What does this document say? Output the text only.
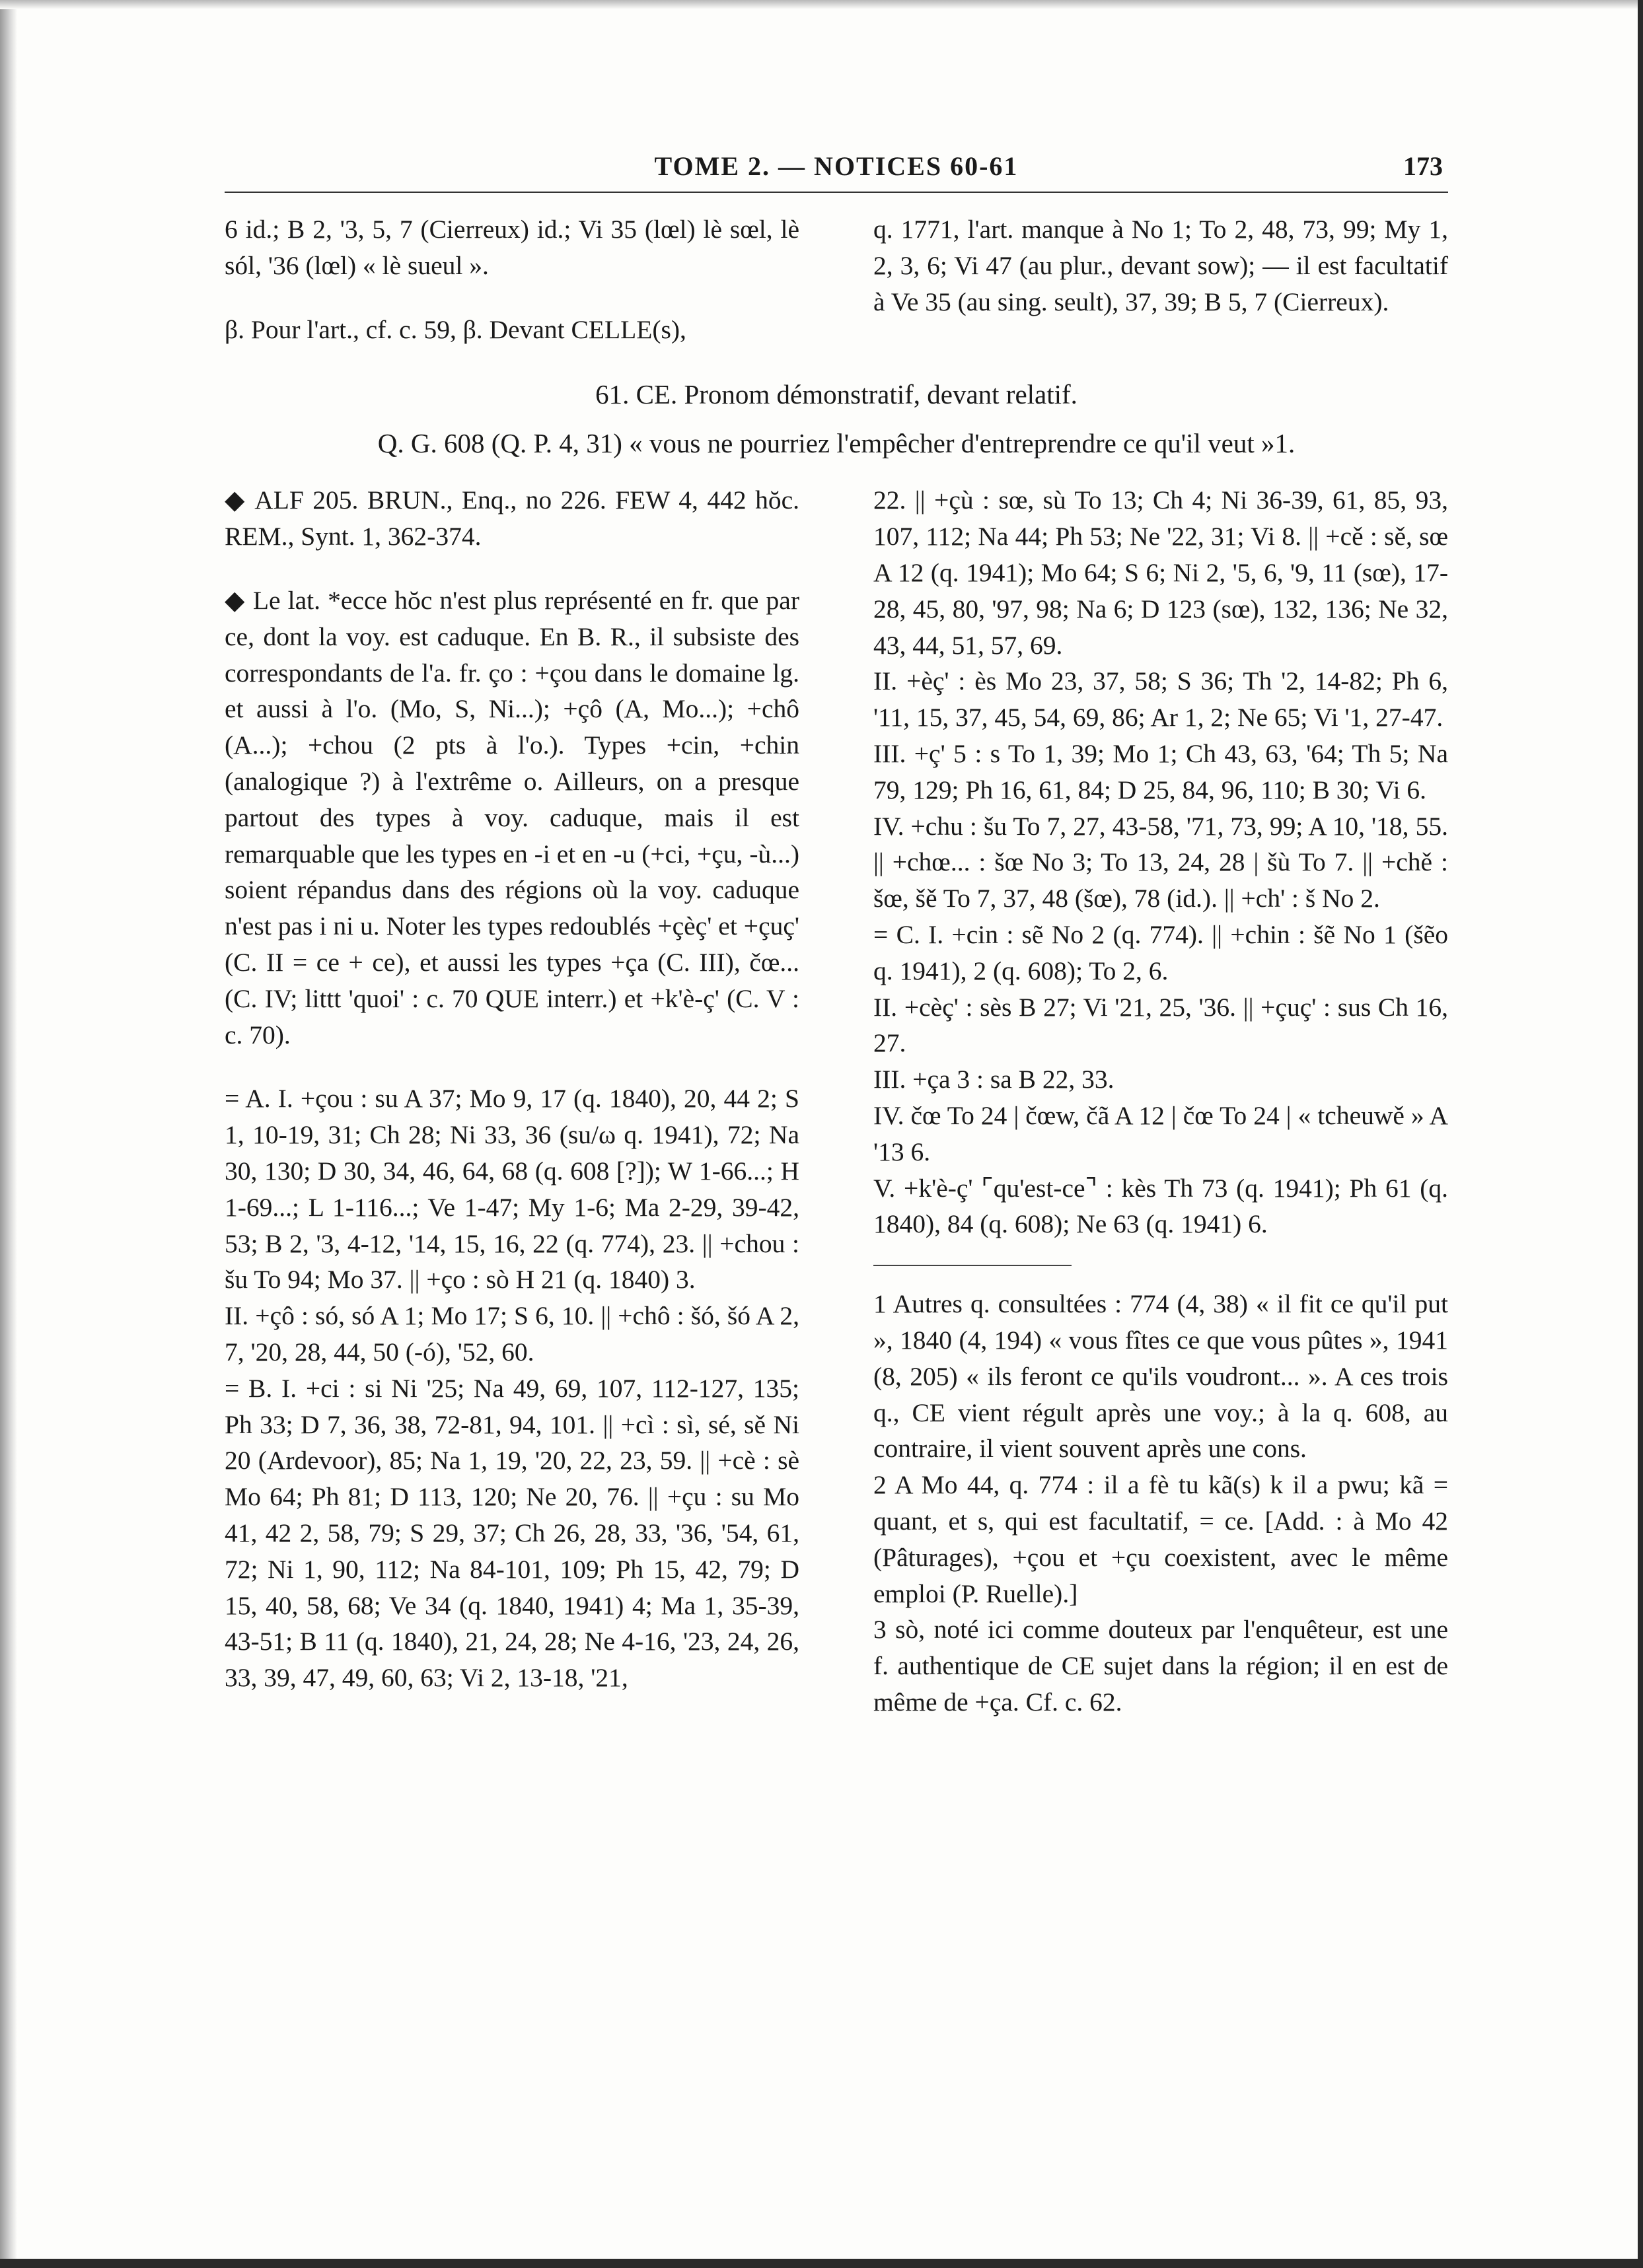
TOME 2. — NOTICES 60-61	173

6 id.; B 2, '3, 5, 7 (Cierreux) id.; Vi 35 (lœl) lè sœl, lè sól, '36 (lœl) « lè sueul ».

β. Pour l'art., cf. c. 59, β. Devant CELLE(s),

q. 1771, l'art. manque à No 1; To 2, 48, 73, 99; My 1, 2, 3, 6; Vi 47 (au plur., devant sow); — il est facultatif à Ve 35 (au sing. seult), 37, 39; B 5, 7 (Cierreux).

61. CE. Pronom démonstratif, devant relatif.

Q. G. 608 (Q. P. 4, 31) « vous ne pourriez l'empêcher d'entreprendre ce qu'il veut »1.

◆ ALF 205. BRUN., Enq., no 226. FEW 4, 442 hŏc. REM., Synt. 1, 362-374.

◆ Le lat. *ecce hŏc n'est plus représenté en fr. que par ce, dont la voy. est caduque. En B. R., il subsiste des correspondants de l'a. fr. ço : +çou dans le domaine lg. et aussi à l'o. (Mo, S, Ni...); +çô (A, Mo...); +chô (A...); +chou (2 pts à l'o.). Types +cin, +chin (analogique ?) à l'extrême o. Ailleurs, on a presque partout des types à voy. caduque, mais il est remarquable que les types en -i et en -u (+ci, +çu, -ù...) soient répandus dans des régions où la voy. caduque n'est pas i ni u. Noter les types redoublés +çèç' et +çuç' (C. II = ce + ce), et aussi les types +ça (C. III), čœ... (C. IV; littt 'quoi' : c. 70 QUE interr.) et +k'è-ç' (C. V : c. 70).

= A. I. +çou : su A 37; Mo 9, 17 (q. 1840), 20, 44 2; S 1, 10-19, 31; Ch 28; Ni 33, 36 (su/ω q. 1941), 72; Na 30, 130; D 30, 34, 46, 64, 68 (q. 608 [?]); W 1-66...; H 1-69...; L 1-116...; Ve 1-47; My 1-6; Ma 2-29, 39-42, 53; B 2, '3, 4-12, '14, 15, 16, 22 (q. 774), 23. || +chou : šu To 94; Mo 37. || +ço : sò H 21 (q. 1840) 3.

II. +çô : só, só A 1; Mo 17; S 6, 10. || +chô : šó, šó A 2, 7, '20, 28, 44, 50 (-ó), '52, 60.

= B. I. +ci : si Ni '25; Na 49, 69, 107, 112-127, 135; Ph 33; D 7, 36, 38, 72-81, 94, 101. || +cì : sì, sé, sě Ni 20 (Ardevoor), 85; Na 1, 19, '20, 22, 23, 59. || +cè : sè Mo 64; Ph 81; D 113, 120; Ne 20, 76. || +çu : su Mo 41, 42 2, 58, 79; S 29, 37; Ch 26, 28, 33, '36, '54, 61, 72; Ni 1, 90, 112; Na 84-101, 109; Ph 15, 42, 79; D 15, 40, 58, 68; Ve 34 (q. 1840, 1941) 4; Ma 1, 35-39, 43-51; B 11 (q. 1840), 21, 24, 28; Ne 4-16, '23, 24, 26, 33, 39, 47, 49, 60, 63; Vi 2, 13-18, '21,

22. || +çù : sœ, sù To 13; Ch 4; Ni 36-39, 61, 85, 93, 107, 112; Na 44; Ph 53; Ne '22, 31; Vi 8. || +cě : sě, sœ A 12 (q. 1941); Mo 64; S 6; Ni 2, '5, 6, '9, 11 (sœ), 17-28, 45, 80, '97, 98; Na 6; D 123 (sœ), 132, 136; Ne 32, 43, 44, 51, 57, 69.

II. +èç' : ès Mo 23, 37, 58; S 36; Th '2, 14-82; Ph 6, '11, 15, 37, 45, 54, 69, 86; Ar 1, 2; Ne 65; Vi '1, 27-47.

III. +ç' 5 : s To 1, 39; Mo 1; Ch 43, 63, '64; Th 5; Na 79, 129; Ph 16, 61, 84; D 25, 84, 96, 110; B 30; Vi 6.

IV. +chu : šu To 7, 27, 43-58, '71, 73, 99; A 10, '18, 55. || +chœ... : šœ No 3; To 13, 24, 28 | šù To 7. || +chě : šœ, šě To 7, 37, 48 (šœ), 78 (id.). || +ch' : š No 2.

= C. I. +cin : sẽ No 2 (q. 774). || +chin : šẽ No 1 (šẽo q. 1941), 2 (q. 608); To 2, 6.

II. +cèç' : sès B 27; Vi '21, 25, '36. || +çuç' : sus Ch 16, 27.

III. +ça 3 : sa B 22, 33.

IV. čœ To 24 | čœw, čã A 12 | čœ To 24 | « tcheuwě » A '13 6.

V. +k'è-ç' ⌜qu'est-ce⌝ : kès Th 73 (q. 1941); Ph 61 (q. 1840), 84 (q. 608); Ne 63 (q. 1941) 6.

1 Autres q. consultées : 774 (4, 38) « il fit ce qu'il put », 1840 (4, 194) « vous fîtes ce que vous pûtes », 1941 (8, 205) « ils feront ce qu'ils voudront... ». A ces trois q., CE vient régult après une voy.; à la q. 608, au contraire, il vient souvent après une cons.

2 A Mo 44, q. 774 : il a fè tu kã(s) k il a pwu; kã = quant, et s, qui est facultatif, = ce. [Add. : à Mo 42 (Pâturages), +çou et +çu coexistent, avec le même emploi (P. Ruelle).]

3 sò, noté ici comme douteux par l'enquêteur, est une f. authentique de CE sujet dans la région; il en est de même de +ça. Cf. c. 62.
